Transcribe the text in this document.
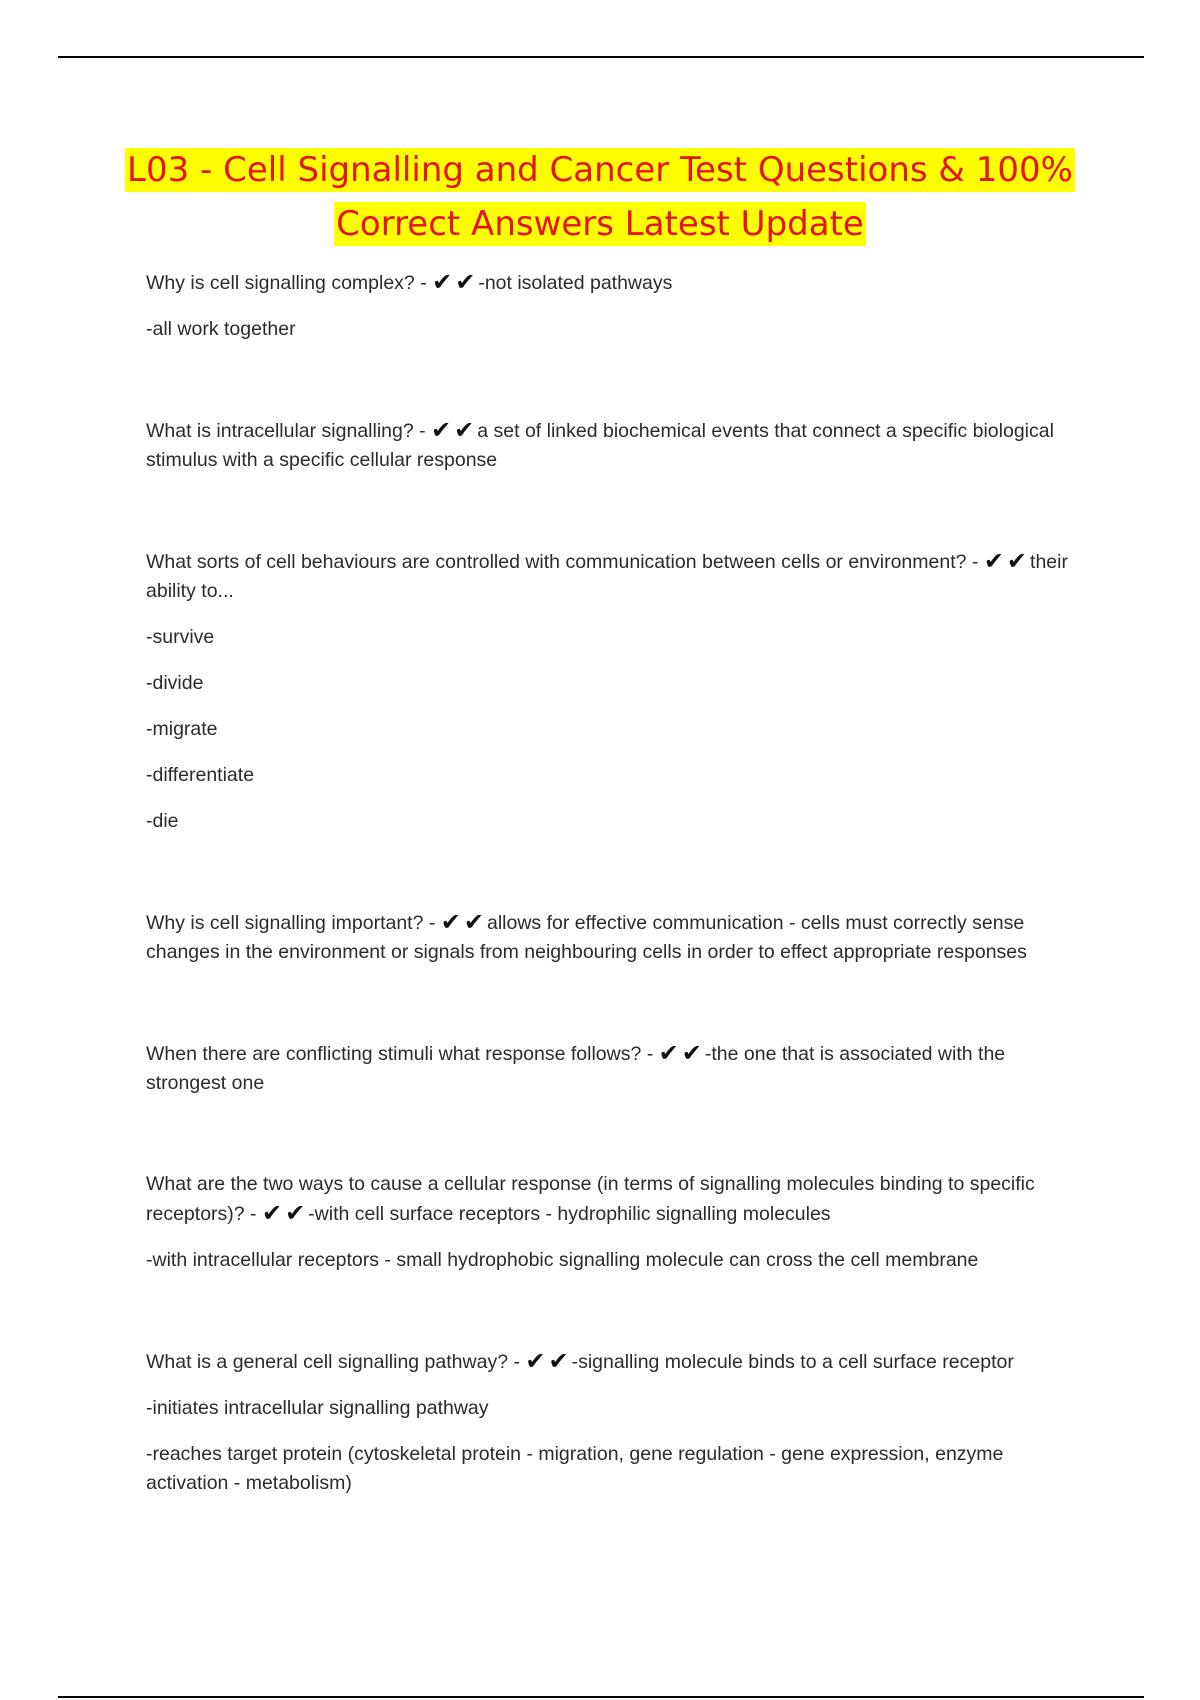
L03 - Cell Signalling and Cancer Test Questions & 100%
Correct Answers Latest Update

Why is cell signalling complex? - ✔✔-not isolated pathways

-all work together

What is intracellular signalling? - ✔✔a set of linked biochemical events that connect a specific biological stimulus with a specific cellular response

What sorts of cell behaviours are controlled with communication between cells or environment? - ✔✔their ability to...

-survive

-divide

-migrate

-differentiate

-die

Why is cell signalling important? - ✔✔allows for effective communication - cells must correctly sense changes in the environment or signals from neighbouring cells in order to effect appropriate responses

When there are conflicting stimuli what response follows? - ✔✔-the one that is associated with the strongest one

What are the two ways to cause a cellular response (in terms of signalling molecules binding to specific receptors)? - ✔✔-with cell surface receptors - hydrophilic signalling molecules

-with intracellular receptors - small hydrophobic signalling molecule can cross the cell membrane

What is a general cell signalling pathway? - ✔✔-signalling molecule binds to a cell surface receptor

-initiates intracellular signalling pathway

-reaches target protein (cytoskeletal protein - migration, gene regulation - gene expression, enzyme activation - metabolism)
